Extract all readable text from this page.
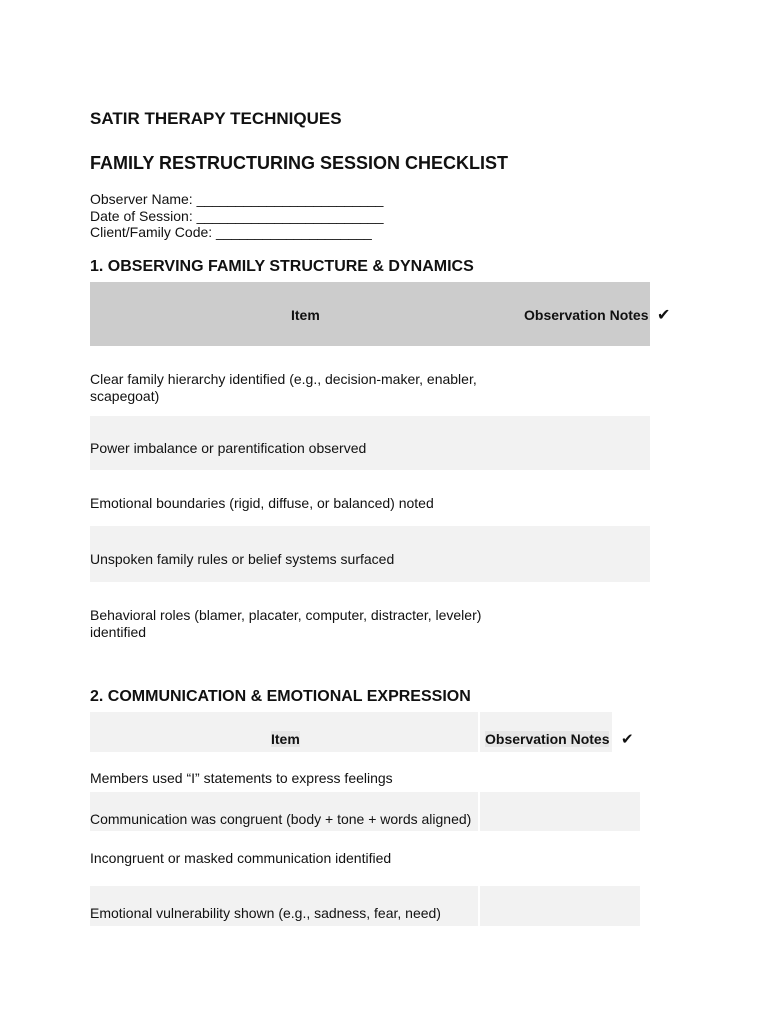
SATIR THERAPY TECHNIQUES
FAMILY RESTRUCTURING SESSION CHECKLIST
Observer Name: ________________________
Date of Session: ________________________
Client/Family Code: ____________________
1. OBSERVING FAMILY STRUCTURE & DYNAMICS
Item	Observation Notes ✔
Clear family hierarchy identified (e.g., decision-maker, enabler, scapegoat)
Power imbalance or parentification observed
Emotional boundaries (rigid, diffuse, or balanced) noted
Unspoken family rules or belief systems surfaced
Behavioral roles (blamer, placater, computer, distracter, leveler) identified
2. COMMUNICATION & EMOTIONAL EXPRESSION
Item	Observation Notes ✔
Members used “I” statements to express feelings
Communication was congruent (body + tone + words aligned)
Incongruent or masked communication identified
Emotional vulnerability shown (e.g., sadness, fear, need)
